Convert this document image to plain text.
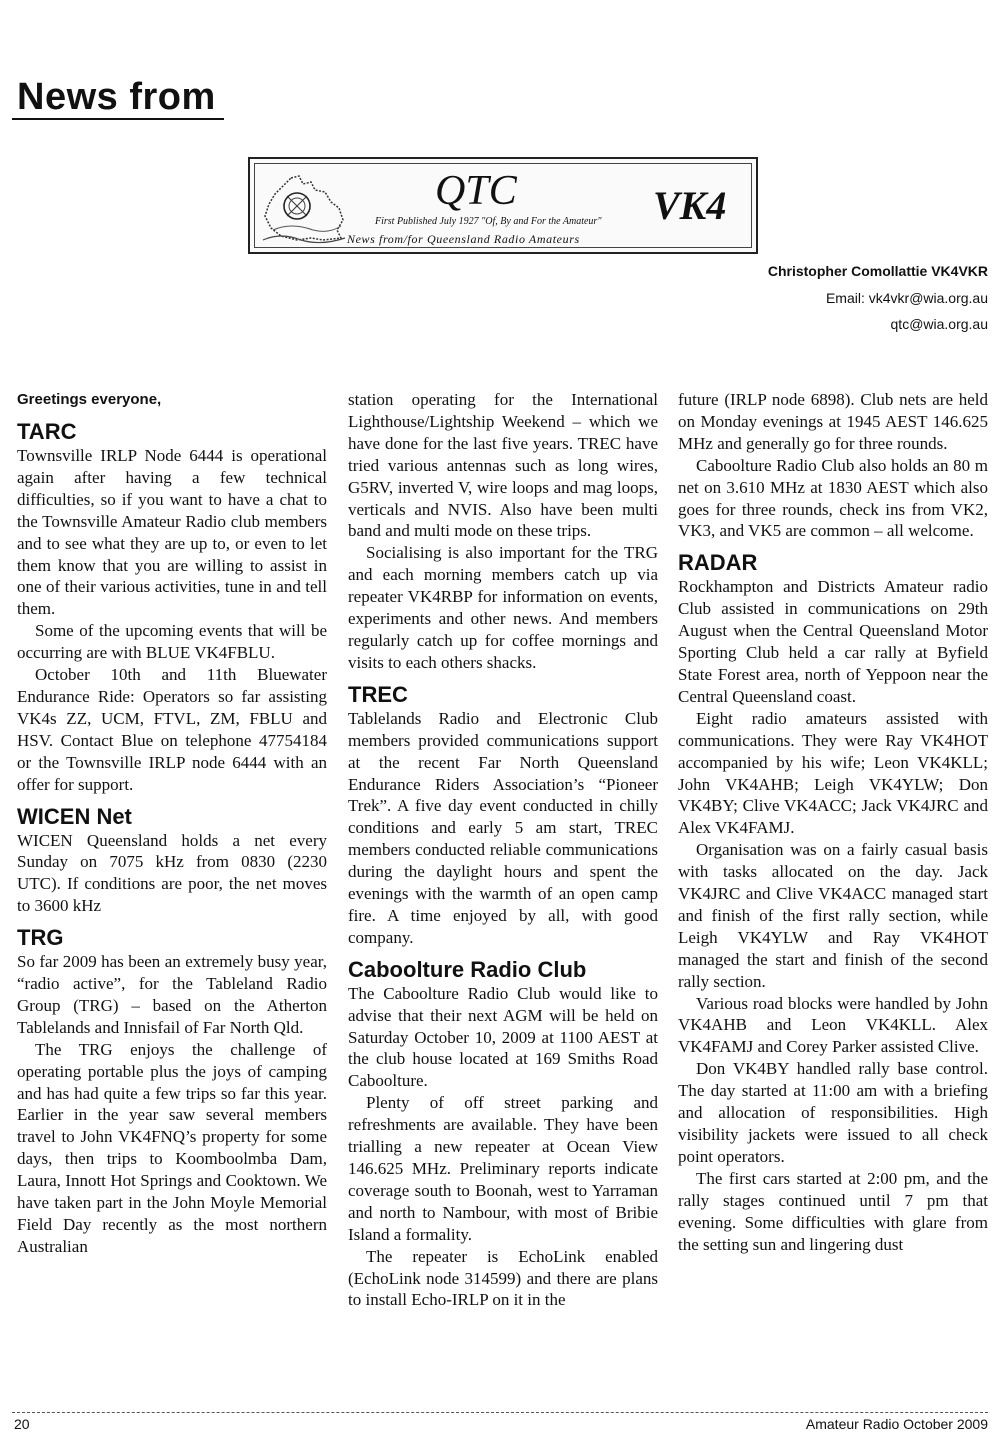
News from
QTC	VK4
First Published July 1927 "Of, By and For the Amateur"
News from/for Queensland Radio Amateurs
Christopher Comollattie VK4VKR
Email: vk4vkr@wia.org.au
qtc@wia.org.au
Greetings everyone,
TARC

Townsville IRLP Node 6444 is operational again after having a few technical difficulties, so if you want to have a chat to the Townsville Amateur Radio club members and to see what they are up to, or even to let them know that you are willing to assist in one of their various activities, tune in and tell them.

Some of the upcoming events that will be occurring are with BLUE VK4FBLU.

October 10th and 11th Bluewater Endurance Ride: Operators so far assisting VK4s ZZ, UCM, FTVL, ZM, FBLU and HSV. Contact Blue on telephone 47754184 or the Townsville IRLP node 6444 with an offer for support.

WICEN Net

WICEN Queensland holds a net every Sunday on 7075 kHz from 0830 (2230 UTC). If conditions are poor, the net moves to 3600 kHz

TRG

So far 2009 has been an extremely busy year, “radio active”, for the Tableland Radio Group (TRG) – based on the Atherton Tablelands and Innisfail of Far North Qld.

The TRG enjoys the challenge of operating portable plus the joys of camping and has had quite a few trips so far this year. Earlier in the year saw several members travel to John VK4FNQ’s property for some days, then trips to Koomboolmba Dam, Laura, Innott Hot Springs and Cooktown. We have taken part in the John Moyle Memorial Field Day recently as the most northern Australian

station operating for the International Lighthouse/Lightship Weekend – which we have done for the last five years. TREC have tried various antennas such as long wires, G5RV, inverted V, wire loops and mag loops, verticals and NVIS. Also have been multi band and multi mode on these trips.

Socialising is also important for the TRG and each morning members catch up via repeater VK4RBP for information on events, experiments and other news. And members regularly catch up for coffee mornings and visits to each others shacks.

TREC

Tablelands Radio and Electronic Club members provided communications support at the recent Far North Queensland Endurance Riders Association’s “Pioneer Trek”. A five day event conducted in chilly conditions and early 5 am start, TREC members conducted reliable communications during the daylight hours and spent the evenings with the warmth of an open camp fire. A time enjoyed by all, with good company.

Caboolture Radio Club

The Caboolture Radio Club would like to advise that their next AGM will be held on Saturday October 10, 2009 at 1100 AEST at the club house located at 169 Smiths Road Caboolture.

Plenty of off street parking and refreshments are available. They have been trialling a new repeater at Ocean View 146.625 MHz. Preliminary reports indicate coverage south to Boonah, west to Yarraman and north to Nambour, with most of Bribie Island a formality.

The repeater is EchoLink enabled (EchoLink node 314599) and there are plans to install Echo-IRLP on it in the

future (IRLP node 6898). Club nets are held on Monday evenings at 1945 AEST 146.625 MHz and generally go for three rounds.

Caboolture Radio Club also holds an 80 m net on 3.610 MHz at 1830 AEST which also goes for three rounds, check ins from VK2, VK3, and VK5 are common – all welcome.

RADAR

Rockhampton and Districts Amateur radio Club assisted in communications on 29th August when the Central Queensland Motor Sporting Club held a car rally at Byfield State Forest area, north of Yeppoon near the Central Queensland coast.

Eight radio amateurs assisted with communications. They were Ray VK4HOT accompanied by his wife; Leon VK4KLL; John VK4AHB; Leigh VK4YLW; Don VK4BY; Clive VK4ACC; Jack VK4JRC and Alex VK4FAMJ.

Organisation was on a fairly casual basis with tasks allocated on the day. Jack VK4JRC and Clive VK4ACC managed start and finish of the first rally section, while Leigh VK4YLW and Ray VK4HOT managed the start and finish of the second rally section.

Various road blocks were handled by John VK4AHB and Leon VK4KLL. Alex VK4FAMJ and Corey Parker assisted Clive.

Don VK4BY handled rally base control. The day started at 11:00 am with a briefing and allocation of responsibilities. High visibility jackets were issued to all check point operators.

The first cars started at 2:00 pm, and the rally stages continued until 7 pm that evening. Some difficulties with glare from the setting sun and lingering dust

20	Amateur Radio October 2009
